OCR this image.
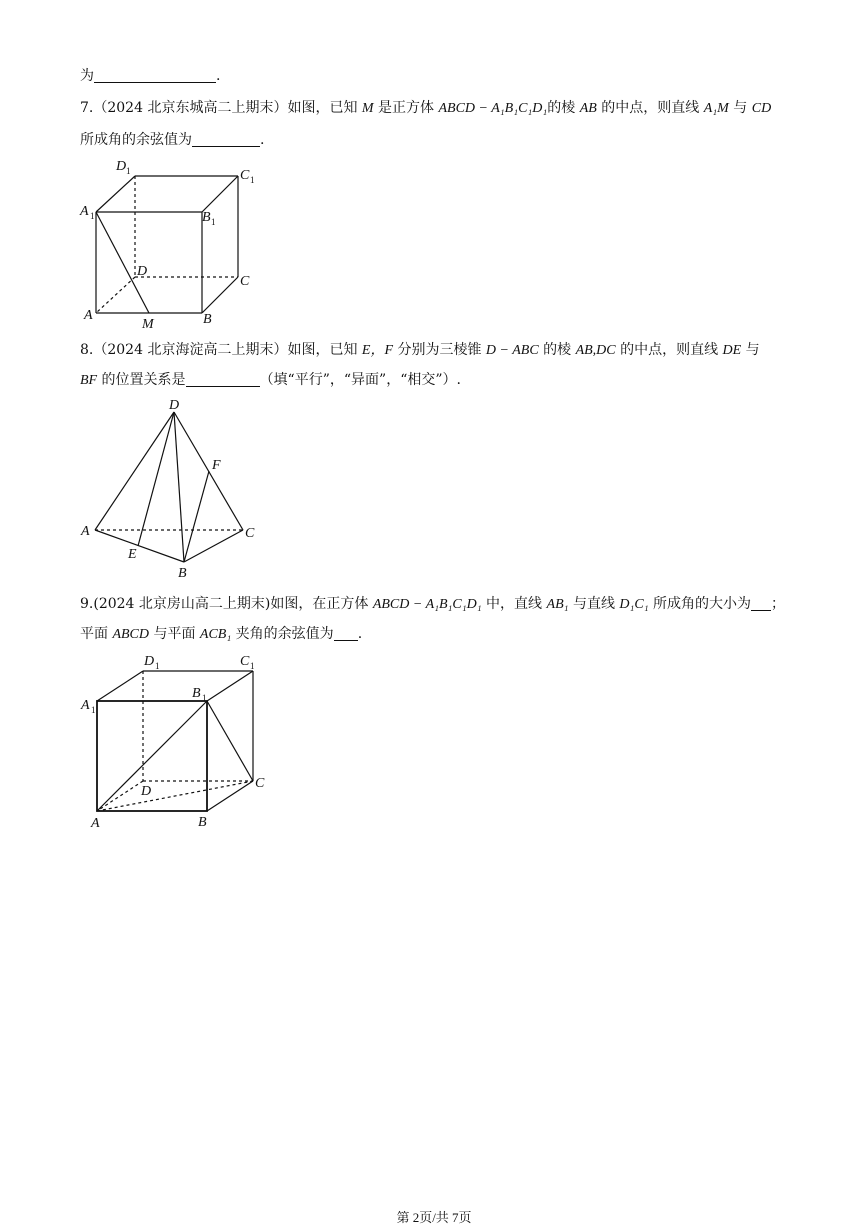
为	.
7.（2024 北京东城高二上期末）如图，已知 M 是正方体 ABCD − A₁B₁C₁D₁的棱 AB 的中点，则直线 A₁M 与 CD
所成角的余弦值为	.
D 1	C 1
A 1	B 1
D
C
A
M	B
8.（2024 北京海淀高二上期末）如图，已知 E，F 分别为三棱锥 D − ABC 的棱 AB,DC 的中点，则直线 DE 与
BF 的位置关系是	（填“平行”，“异面”，“相交”）.
D
F
A	C
E
B
9.(2024 北京房山高二上期末)如图，在正方体 ABCD − A₁B₁C₁D₁ 中，直线 AB₁ 与直线 D₁C₁ 所成角的大小为 ；
平面 ABCD 与平面 ACB₁ 夹角的余弦值为 .
D 1	C 1
A 1
B 1
D
C
A	B
第 2页/共 7页
